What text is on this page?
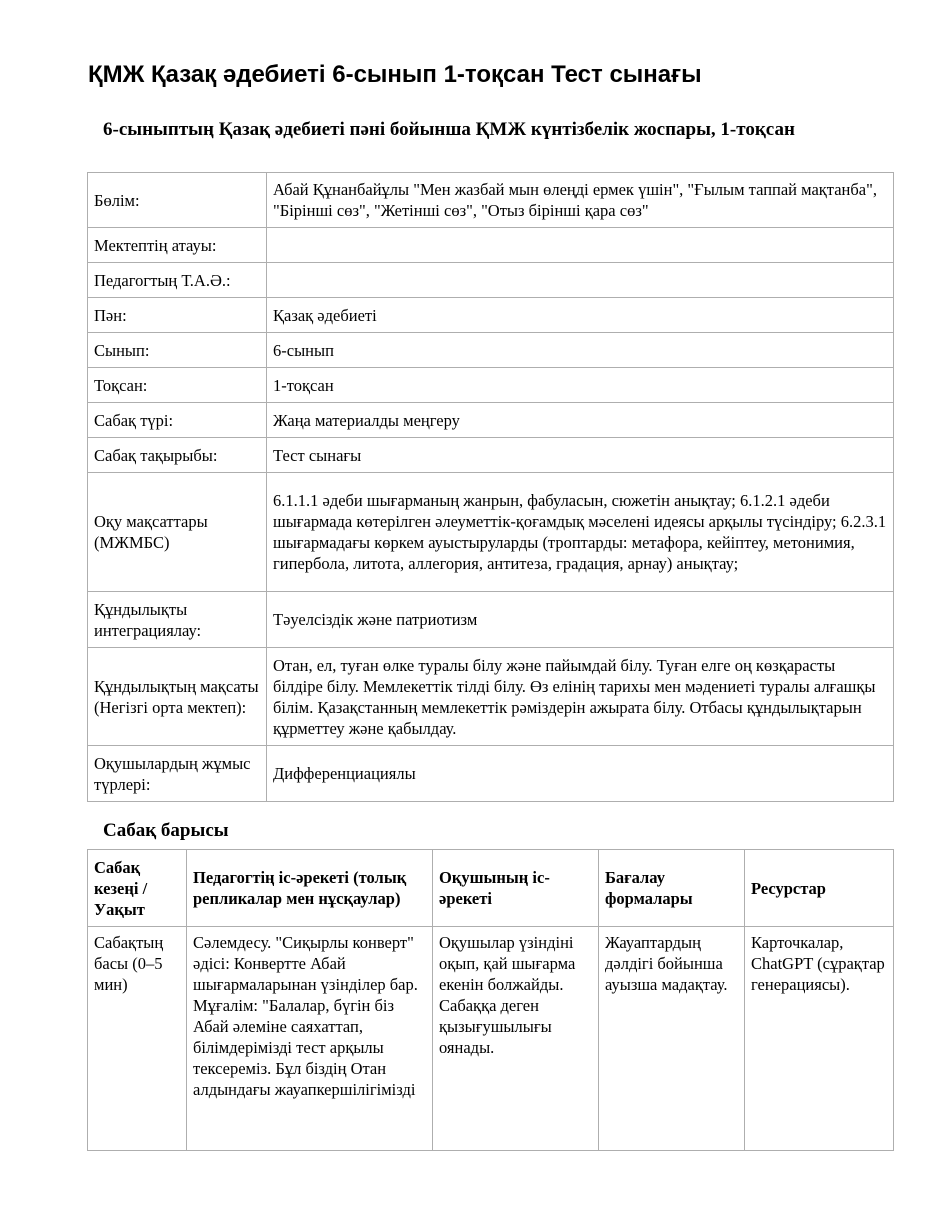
ҚМЖ Қазақ әдебиеті 6-сынып 1-тоқсан Тест сынағы
6-сыныптың Қазақ әдебиеті пәні бойынша ҚМЖ күнтізбелік жоспары, 1-тоқсан
Бөлім:	Абай Құнанбайұлы "Мен жазбай мын өлеңді ермек үшін", "Ғылым таппай мақтанба", "Бірінші сөз", "Жетінші сөз", "Отыз бірінші қара сөз"
Мектептің атауы:	
Педагогтың Т.А.Ә.:	
Пән:	Қазақ әдебиеті
Сынып:	6-сынып
Тоқсан:	1-тоқсан
Сабақ түрі:	Жаңа материалды меңгеру
Сабақ тақырыбы:	Тест сынағы
Оқу мақсаттары (МЖМБС)	6.1.1.1 әдеби шығарманың жанрын, фабуласын, сюжетін анықтау; 6.1.2.1 әдеби шығармада көтерілген әлеуметтік-қоғамдық мәселені идеясы арқылы түсіндіру; 6.2.3.1 шығармадағы көркем ауыстыруларды (троптарды: метафора, кейіптеу, метонимия, гипербола, литота, аллегория, антитеза, градация, арнау) анықтау;
Құндылықты интеграциялау:	Тәуелсіздік және патриотизм
Құндылықтың мақсаты (Негізгі орта мектеп):	Отан, ел, туған өлке туралы білу және пайымдай білу. Туған елге оң көзқарасты білдіре білу. Мемлекеттік тілді білу. Өз елінің тарихы мен мәдениеті туралы алғашқы білім. Қазақстанның мемлекеттік рәміздерін ажырата білу. Отбасы құндылықтарын құрметтеу және қабылдау.
Оқушылардың жұмыс түрлері:	Дифференциациялы
Сабақ барысы
Сабақ кезеңі / Уақыт	Педагогтің іс-әрекеті (толық репликалар мен нұсқаулар)	Оқушының іс-әрекеті	Бағалау формалары	Ресурстар
Сабақтың басы (0–5 мин)	Сәлемдесу. "Сиқырлы конверт" әдісі: Конвертте Абай шығармаларынан үзінділер бар. Мұғалім: "Балалар, бүгін біз Абай әлеміне саяхаттап, білімдерімізді тест арқылы тексереміз. Бұл біздің Отан алдындағы жауапкершілігімізді	Оқушылар үзіндіні оқып, қай шығарма екенін болжайды. Сабаққа деген қызығушылығы оянады.	Жауаптардың дәлдігі бойынша ауызша мадақтау.	Карточкалар, ChatGPT (сұрақтар генерациясы).
